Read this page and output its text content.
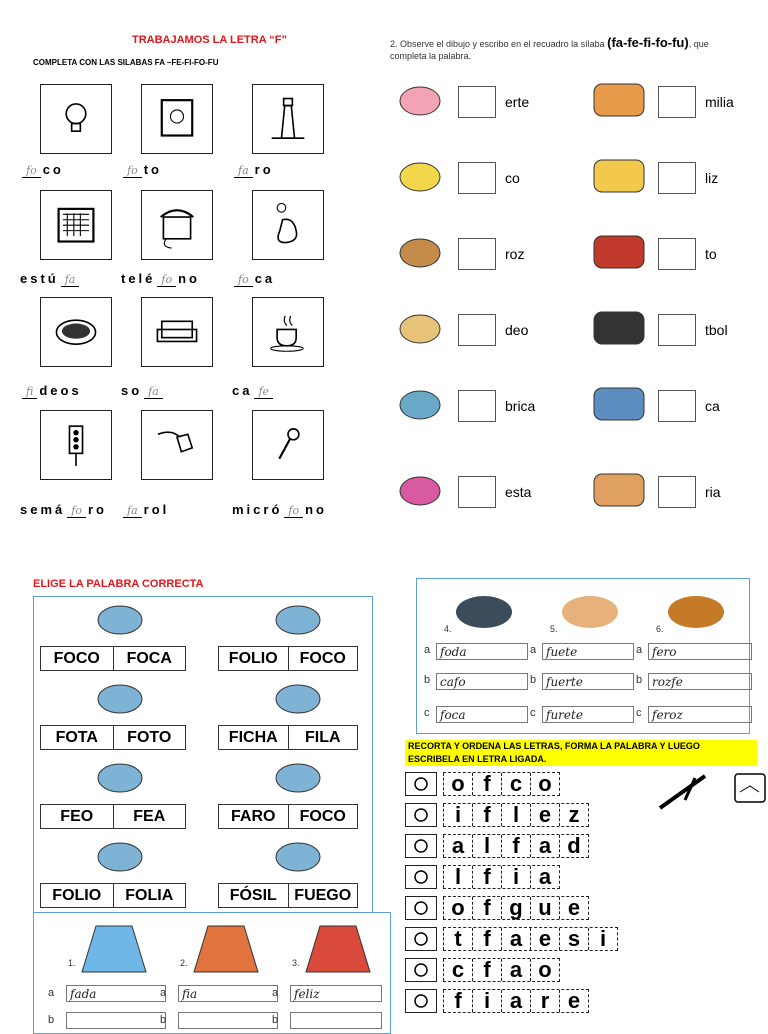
TRABAJAMOS LA LETRA “F”
COMPLETA CON LAS SILABAS FA –FE-FI-FO-FU
fo co	fo to	fa ro
estú fa	telé fo no	fo ca
fi deos	so fa	ca fe
semá fo ro	fa rol	micró fo no
2. Observe el dibujo y escribo en el recuadro la sílaba (fa-fe-fi-fo-fu), que completa la palabra.
erte
co
roz
deo
brica
esta
milia
liz
to
tbol
ca
ria
ELIGE LA PALABRA CORRECTA
FOCO	FOCA	FOLIO	FOCO
FOTA	FOTO	FICHA	FILA
FEO	FEA	FARO	FOCO
FOLIO	FOLIA	FÓSIL	FUEGO
4.
a foda
b cafo
c foca
5.
a fuete
b fuerte
c furete
6.
a fero
b rozfe
c feroz
1.
a	fada
b
2.
a	fia
b
3.
a	feliz
b
RECORTA Y ORDENA LAS LETRAS, FORMA LA PALABRA Y LUEGO ESCRIBELA EN LETRA LIGADA.
o f c o
i	f	l e z
a l	f a d
l	f	i a
o f g u e
t f a e s i
c f a o
f	i a r e
